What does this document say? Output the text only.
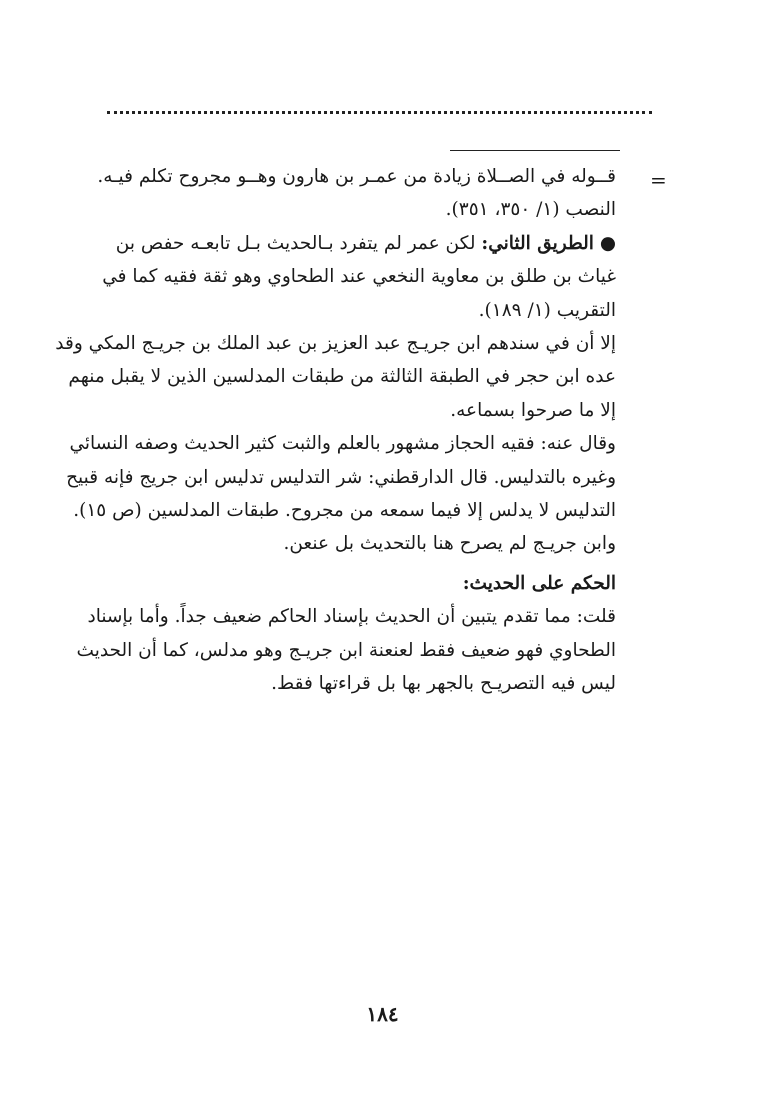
=
قــوله في الصــلاة زيادة من عمـر بن هارون وهــو مجروح تكلم فيـه.
النصب (١/ ٣٥٠، ٣٥١).
● الطريق الثاني: لكن عمر لم يتفرد بـالحديث بـل تابعـه حفص بن
غياث بن طلق بن معاوية النخعي عند الطحاوي وهو ثقة فقيه كما في
التقريب (١/ ١٨٩).
إلا أن في سندهم ابن جريـج عبد العزيز بن عبد الملك بن جريـج المكي وقد
عده ابن حجر في الطبقة الثالثة من طبقات المدلسين الذين لا يقبل منهم
إلا ما صرحوا بسماعه.
وقال عنه: فقيه الحجاز مشهور بالعلم والثبت كثير الحديث وصفه النسائي
وغيره بالتدليس. قال الدارقطني: شر التدليس تدليس ابن جريج فإنه قبيح
التدليس لا يدلس إلا فيما سمعه من مجروح. طبقات المدلسين (ص ١٥).
وابن جريـج لم يصرح هنا بالتحديث بل عنعن.
الحكم على الحديث:
قلت: مما تقدم يتبين أن الحديث بإسناد الحاكم ضعيف جداً. وأما بإسناد
الطحاوي فهو ضعيف فقط لعنعنة ابن جريـج وهو مدلس، كما أن الحديث
ليس فيه التصريـح بالجهر بها بل قراءتها فقط.
١٨٤
